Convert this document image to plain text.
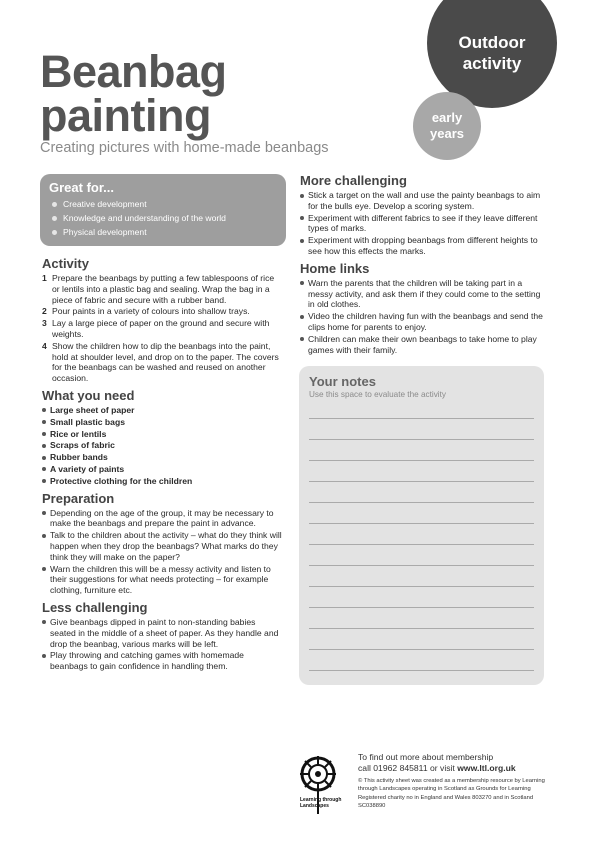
Outdoor activity
early years
Beanbag
painting
Creating pictures with home-made beanbags
Great for...
Creative development
Knowledge and understanding of the world
Physical development
Activity
1 Prepare the beanbags by putting a few tablespoons of rice or lentils into a plastic bag and sealing. Wrap the bag in a piece of fabric and secure with a rubber band.
2 Pour paints in a variety of colours into shallow trays.
3 Lay a large piece of paper on the ground and secure with weights.
4 Show the children how to dip the beanbags into the paint, hold at shoulder level, and drop on to the paper. The covers for the beanbags can be washed and reused on another occasion.
What you need
Large sheet of paper
Small plastic bags
Rice or lentils
Scraps of fabric
Rubber bands
A variety of paints
Protective clothing for the children
Preparation
Depending on the age of the group, it may be necessary to make the beanbags and prepare the paint in advance.
Talk to the children about the activity – what do they think will happen when they drop the beanbags? What marks do they think they will make on the paper?
Warn the children this will be a messy activity and listen to their suggestions for what needs protecting – for example clothing, furniture etc.
Less challenging
Give beanbags dipped in paint to non-standing babies seated in the middle of a sheet of paper. As they handle and drop the beanbag, various marks will be left.
Play throwing and catching games with homemade beanbags to gain confidence in handling them.
More challenging
Stick a target on the wall and use the painty beanbags to aim for the bulls eye. Develop a scoring system.
Experiment with different fabrics to see if they leave different types of marks.
Experiment with dropping beanbags from different heights to see how this effects the marks.
Home links
Warn the parents that the children will be taking part in a messy activity, and ask them if they could come to the setting in old clothes.
Video the children having fun with the beanbags and send the clips home for parents to enjoy.
Children can make their own beanbags to take home to play games with their family.
Your notes
Use this space to evaluate the activity
Learning through Landscapes
To find out more about membership
call 01962 845811 or visit www.ltl.org.uk
© This activity sheet was created as a membership resource by Learning through Landscapes operating in Scotland as Grounds for Learning
Registered charity no in England and Wales 803270 and in Scotland SC038890
